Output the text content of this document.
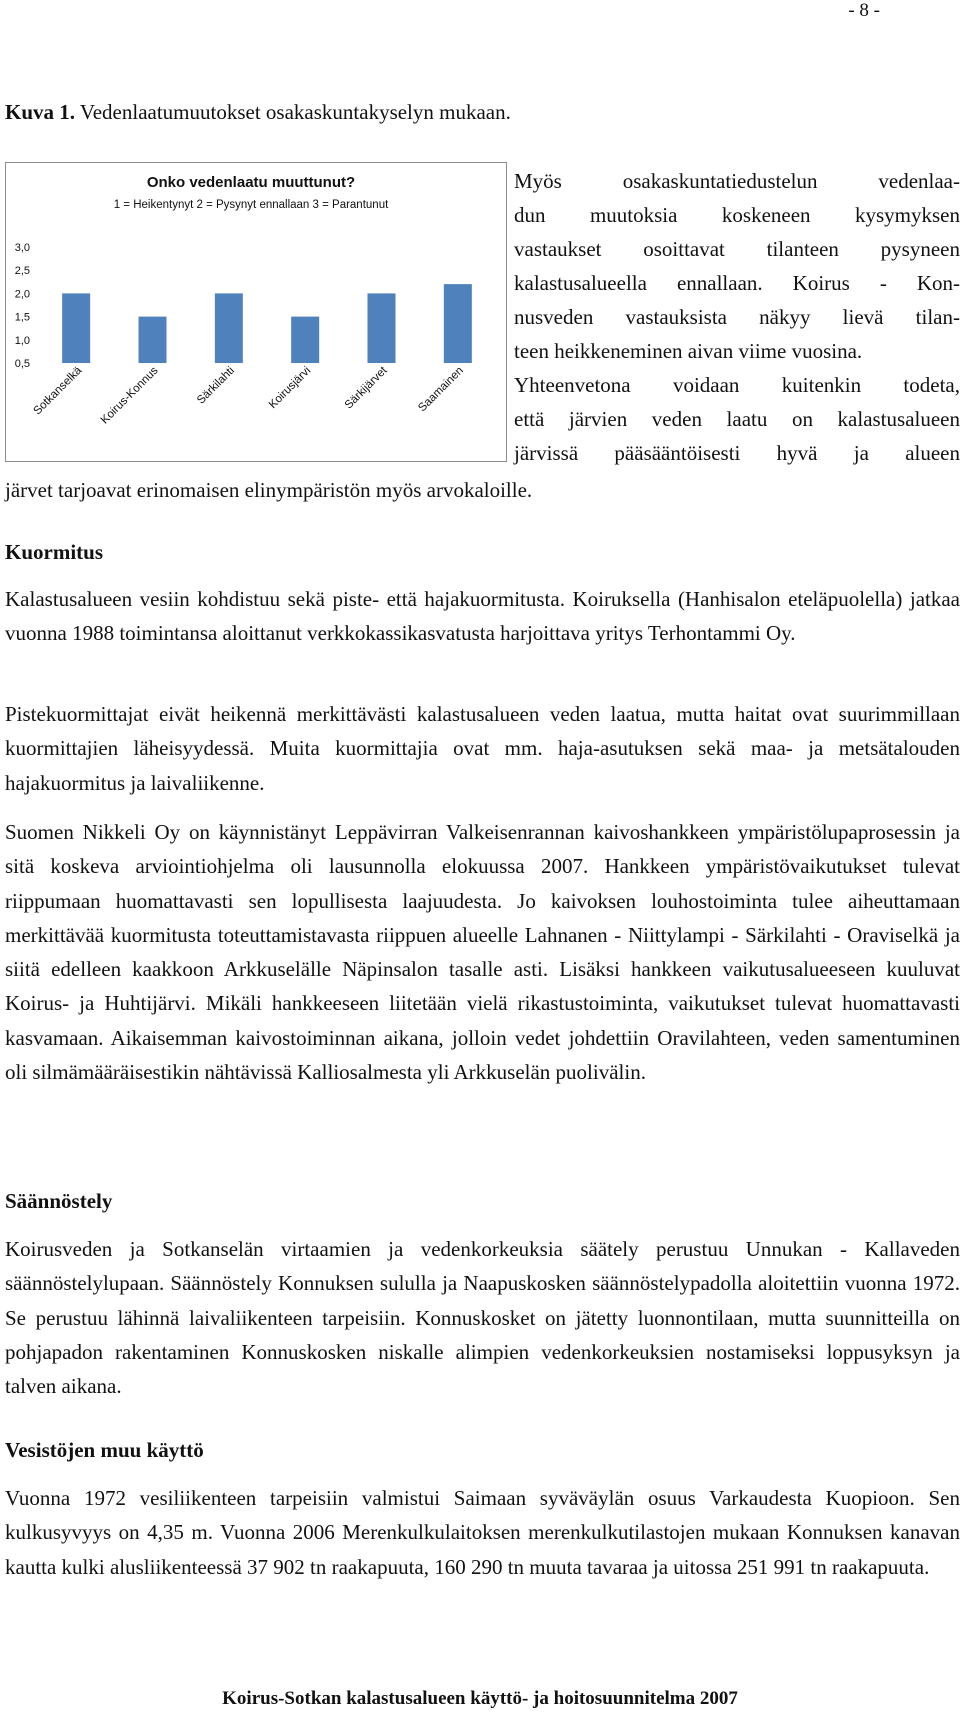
- 8 -
Kuva 1. Vedenlaatumuutokset osakaskuntakyselyn mukaan.
Onko vedenlaatu muuttunut?
1 = Heikentynyt 2 = Pysynyt ennallaan 3 = Parantunut
3,0
2,5
2,0
1,5
1,0
0,5
Sotkanselkä Koirus-Konnus	Särkilahti	Koirusjärvi	Särkijärvet Saamainen
Myös osakaskuntatiedustelun vedenlaa-
dun muutoksia koskeneen kysymyksen
vastaukset osoittavat tilanteen pysyneen
kalastusalueella ennallaan. Koirus - Kon-
nusveden vastauksista näkyy lievä tilan-
teen heikkeneminen aivan viime vuosina.
Yhteenvetona voidaan kuitenkin todeta,
että järvien veden laatu on kalastusalueen
järvissä pääsääntöisesti hyvä ja alueen
järvet tarjoavat erinomaisen elinympäristön myös arvokaloille.
Kuormitus
Kalastusalueen vesiin kohdistuu sekä piste- että hajakuormitusta. Koiruksella (Hanhisalon eteläpuolella) jatkaa vuonna 1988 toimintansa aloittanut verkkokassikasvatusta harjoittava yritys Terhontammi Oy.
Pistekuormittajat eivät heikennä merkittävästi kalastusalueen veden laatua, mutta haitat ovat suurimmillaan kuormittajien läheisyydessä. Muita kuormittajia ovat mm. haja-asutuksen sekä maa- ja metsätalouden hajakuormitus ja laivaliikenne.
Suomen Nikkeli Oy on käynnistänyt Leppävirran Valkeisenrannan kaivoshankkeen ympäristölupaprosessin ja sitä koskeva arviointiohjelma oli lausunnolla elokuussa 2007. Hankkeen ympäristövaikutukset tulevat riippumaan huomattavasti sen lopullisesta laajuudesta. Jo kaivoksen louhostoiminta tulee aiheuttamaan merkittävää kuormitusta toteuttamistavasta riippuen alueelle Lahnanen - Niittylampi - Särkilahti - Oraviselkä ja siitä edelleen kaakkoon Arkkuselälle Näpinsalon tasalle asti. Lisäksi hankkeen vaikutusalueeseen kuuluvat Koirus- ja Huhtijärvi. Mikäli hankkeeseen liitetään vielä rikastustoiminta, vaikutukset tulevat huomattavasti kasvamaan. Aikaisemman kaivostoiminnan aikana, jolloin vedet johdettiin Oravilahteen, veden samentuminen oli silmämääräisestikin nähtävissä Kalliosalmesta yli Arkkuselän puolivälin.
Säännöstely
Koirusveden ja Sotkanselän virtaamien ja vedenkorkeuksia säätely perustuu Unnukan - Kallaveden säännöstelylupaan. Säännöstely Konnuksen sululla ja Naapuskosken säännöstelypadolla aloitettiin vuonna 1972. Se perustuu lähinnä laivaliikenteen tarpeisiin. Konnuskosket on jätetty luonnontilaan, mutta suunnitteilla on pohjapadon rakentaminen Konnuskosken niskalle alimpien vedenkorkeuksien nostamiseksi loppusyksyn ja talven aikana.
Vesistöjen muu käyttö
Vuonna 1972 vesiliikenteen tarpeisiin valmistui Saimaan syväväylän osuus Varkaudesta Kuopioon. Sen kulkusyvyys on 4,35 m. Vuonna 2006 Merenkulkulaitoksen merenkulkutilastojen mukaan Konnuksen kanavan kautta kulki alusliikenteessä 37 902 tn raakapuuta, 160 290 tn muuta tavaraa ja uitossa 251 991 tn raakapuuta.
Koirus-Sotkan kalastusalueen käyttö- ja hoitosuunnitelma 2007
